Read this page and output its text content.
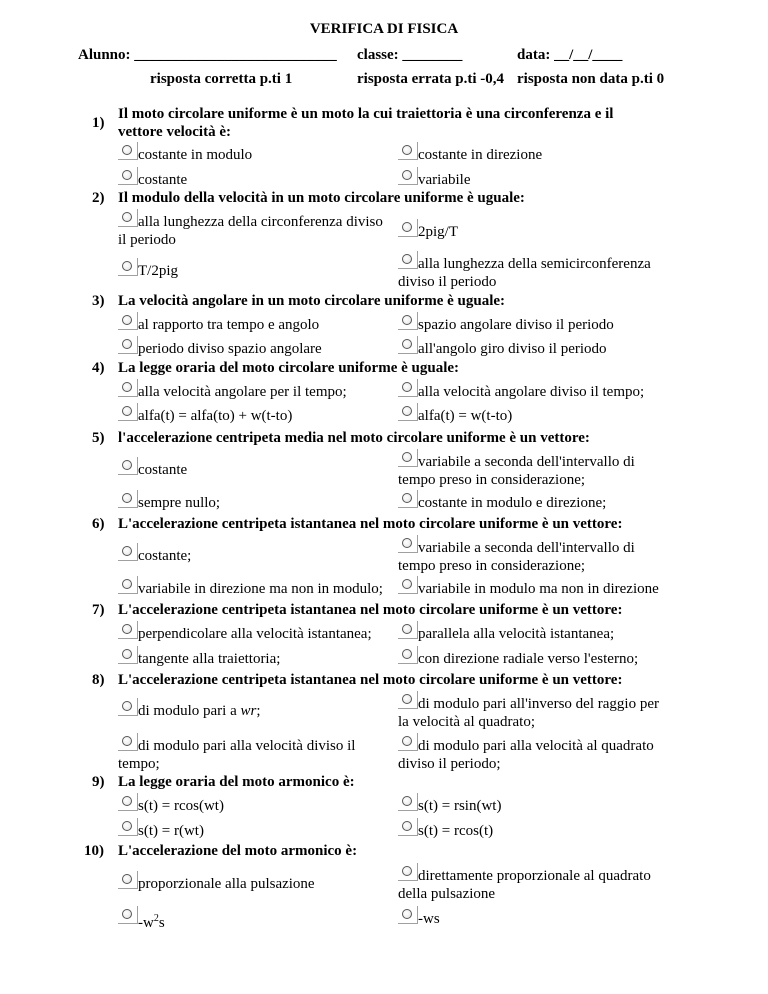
VERIFICA DI FISICA
Alunno: ___________________________ classe: ________	data: __/__/____
risposta corretta p.ti 1	risposta errata p.ti -0,4 risposta non data p.ti 0
1)
Il moto circolare uniforme è un moto la cui traiettoria è una circonferenza e il
vettore velocità è:
costante in modulo	costante in direzione
costante	variabile
2) Il modulo della velocità in un moto circolare uniforme è uguale:
alla lunghezza della circonferenza diviso
il periodo	2pig/T
T/2pig	alla lunghezza della semicirconferenza
diviso il periodo
3) La velocità angolare in un moto circolare uniforme è uguale:
al rapporto tra tempo e angolo	spazio angolare diviso il periodo
periodo diviso spazio angolare	all'angolo giro diviso il periodo
4) La legge oraria del moto circolare uniforme è uguale:
alla velocità angolare per il tempo;	alla velocità angolare diviso il tempo;
alfa(t) = alfa(to) + w(t-to)	alfa(t) = w(t-to)
5) l'accelerazione centripeta media nel moto circolare uniforme è un vettore:
costante	variabile a seconda dell'intervallo di
tempo preso in considerazione;
sempre nullo;	costante in modulo e direzione;
6) L'accelerazione centripeta istantanea nel moto circolare uniforme è un vettore:
costante;	variabile a seconda dell'intervallo di
tempo preso in considerazione;
variabile in direzione ma non in modulo; variabile in modulo ma non in direzione
7) L'accelerazione centripeta istantanea nel moto circolare uniforme è un vettore:
perpendicolare alla velocità istantanea;	parallela alla velocità istantanea;
tangente alla traiettoria;	con direzione radiale verso l'esterno;
8) L'accelerazione centripeta istantanea nel moto circolare uniforme è un vettore:
di modulo pari a wr;	di modulo pari all'inverso del raggio per
la velocità al quadrato;
di modulo pari alla velocità diviso il
tempo;
di modulo pari alla velocità al quadrato
diviso il periodo;
9) La legge oraria del moto armonico è:
s(t) = rcos(wt)	s(t) = rsin(wt)
s(t) = r(wt)	s(t) = rcos(t)
10) L'accelerazione del moto armonico è:
proporzionale alla pulsazione	direttamente proporzionale al quadrato
della pulsazione
$-w^2s$	-ws
